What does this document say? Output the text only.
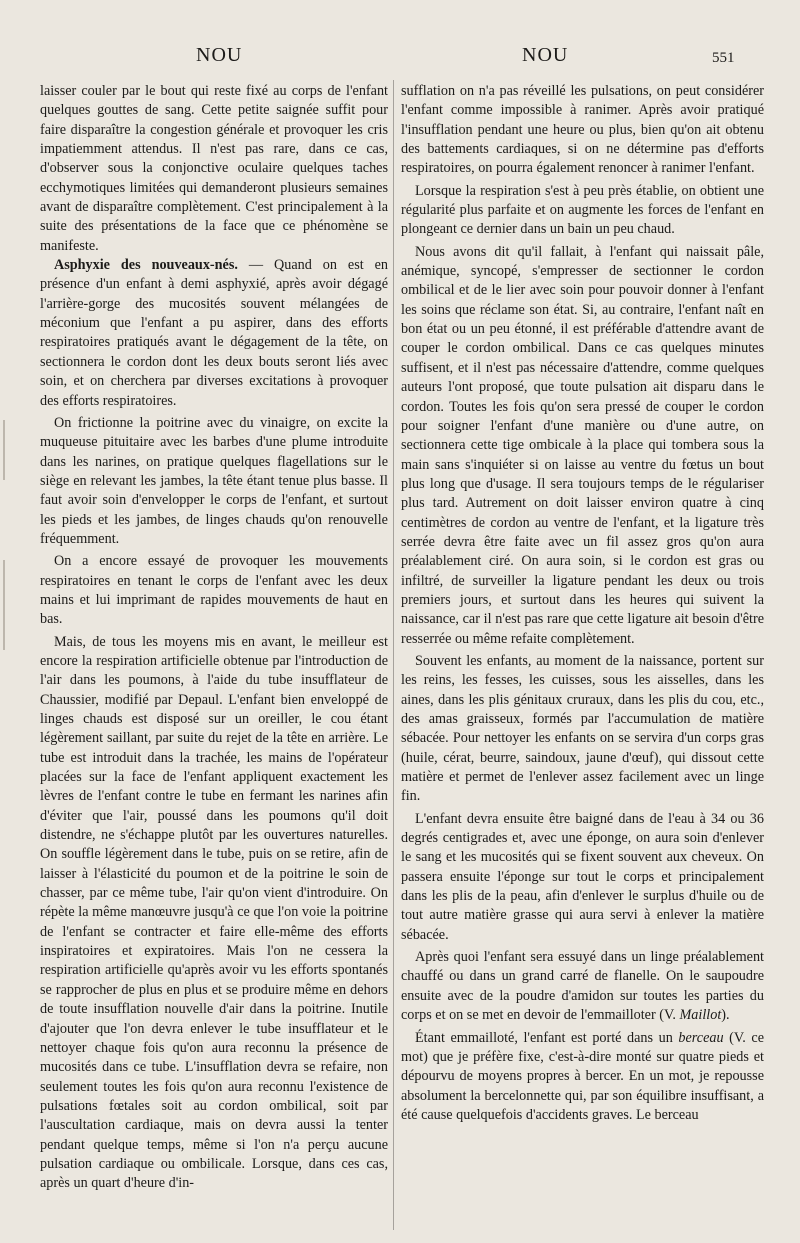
NOU	NOU	551

laisser couler par le bout qui reste fixé au corps de l'enfant quelques gouttes de sang. Cette petite saignée suffit pour faire disparaître la congestion générale et provoquer les cris impatiemment attendus. Il n'est pas rare, dans ce cas, d'observer sous la conjonctive oculaire quelques taches ecchymotiques limitées qui demanderont plusieurs semaines avant de disparaître complètement. C'est principalement à la suite des présentations de la face que ce phénomène se manifeste.

Asphyxie des nouveaux-nés. — Quand on est en présence d'un enfant à demi asphyxié, après avoir dégagé l'arrière-gorge des mucosités souvent mélangées de méconium que l'enfant a pu aspirer, dans des efforts respiratoires pratiqués avant le dégagement de la tête, on sectionnera le cordon dont les deux bouts seront liés avec soin, et on cherchera par diverses excitations à provoquer des efforts respiratoires.

On frictionne la poitrine avec du vinaigre, on excite la muqueuse pituitaire avec les barbes d'une plume introduite dans les narines, on pratique quelques flagellations sur le siège en relevant les jambes, la tête étant tenue plus basse. Il faut avoir soin d'envelopper le corps de l'enfant, et surtout les pieds et les jambes, de linges chauds qu'on renouvelle fréquemment.

On a encore essayé de provoquer les mouvements respiratoires en tenant le corps de l'enfant avec les deux mains et lui imprimant de rapides mouvements de haut en bas.

Mais, de tous les moyens mis en avant, le meilleur est encore la respiration artificielle obtenue par l'introduction de l'air dans les poumons, à l'aide du tube insufflateur de Chaussier, modifié par Depaul. L'enfant bien enveloppé de linges chauds est disposé sur un oreiller, le cou étant légèrement saillant, par suite du rejet de la tête en arrière. Le tube est introduit dans la trachée, les mains de l'opérateur placées sur la face de l'enfant appliquent exactement les lèvres de l'enfant contre le tube en fermant les narines afin d'éviter que l'air, poussé dans les poumons qu'il doit distendre, ne s'échappe plutôt par les ouvertures naturelles. On souffle légèrement dans le tube, puis on se retire, afin de laisser à l'élasticité du poumon et de la poitrine le soin de chasser, par ce même tube, l'air qu'on vient d'introduire. On répète la même manœuvre jusqu'à ce que l'on voie la poitrine de l'enfant se contracter et faire elle-même des efforts inspiratoires et expiratoires. Mais l'on ne cessera la respiration artificielle qu'après avoir vu les efforts spontanés se rapprocher de plus en plus et se produire même en dehors de toute insufflation nouvelle d'air dans la poitrine. Inutile d'ajouter que l'on devra enlever le tube insufflateur et le nettoyer chaque fois qu'on aura reconnu la présence de mucosités dans ce tube. L'insufflation devra se refaire, non seulement toutes les fois qu'on aura reconnu l'existence de pulsations fœtales soit au cordon ombilical, soit par l'auscultation cardiaque, mais on devra aussi la tenter pendant quelque temps, même si l'on n'a perçu aucune pulsation cardiaque ou ombilicale. Lorsque, dans ces cas, après un quart d'heure d'in-

sufflation on n'a pas réveillé les pulsations, on peut considérer l'enfant comme impossible à ranimer. Après avoir pratiqué l'insufflation pendant une heure ou plus, bien qu'on ait obtenu des battements cardiaques, si on ne détermine pas d'efforts respiratoires, on pourra également renoncer à ranimer l'enfant.

Lorsque la respiration s'est à peu près établie, on obtient une régularité plus parfaite et on augmente les forces de l'enfant en plongeant ce dernier dans un bain un peu chaud.

Nous avons dit qu'il fallait, à l'enfant qui naissait pâle, anémique, syncopé, s'empresser de sectionner le cordon ombilical et de le lier avec soin pour pouvoir donner à l'enfant les soins que réclame son état. Si, au contraire, l'enfant naît en bon état ou un peu étonné, il est préférable d'attendre avant de couper le cordon ombilical. Dans ce cas quelques minutes suffisent, et il n'est pas nécessaire d'attendre, comme quelques auteurs l'ont proposé, que toute pulsation ait disparu dans le cordon. Toutes les fois qu'on sera pressé de couper le cordon pour soigner l'enfant d'une manière ou d'une autre, on sectionnera cette tige ombicale à la place qui tombera sous la main sans s'inquiéter si on laisse au ventre du fœtus un bout plus long que d'usage. Il sera toujours temps de le régulariser plus tard. Autrement on doit laisser environ quatre à cinq centimètres de cordon au ventre de l'enfant, et la ligature très serrée devra être faite avec un fil assez gros qu'on aura préalablement ciré. On aura soin, si le cordon est gras ou infiltré, de surveiller la ligature pendant les deux ou trois premiers jours, et surtout dans les heures qui suivent la naissance, car il n'est pas rare que cette ligature ait besoin d'être resserrée ou même refaite complètement.

Souvent les enfants, au moment de la naissance, portent sur les reins, les fesses, les cuisses, sous les aisselles, dans les aines, dans les plis génitaux cruraux, dans les plis du cou, etc., des amas graisseux, formés par l'accumulation de matière sébacée. Pour nettoyer les enfants on se servira d'un corps gras (huile, cérat, beurre, saindoux, jaune d'œuf), qui dissout cette matière et permet de l'enlever assez facilement avec un linge fin.

L'enfant devra ensuite être baigné dans de l'eau à 34 ou 36 degrés centigrades et, avec une éponge, on aura soin d'enlever le sang et les mucosités qui se fixent souvent aux cheveux. On passera ensuite l'éponge sur tout le corps et principalement dans les plis de la peau, afin d'enlever le surplus d'huile ou de tout autre matière grasse qui aura servi à enlever la matière sébacée.

Après quoi l'enfant sera essuyé dans un linge préalablement chauffé ou dans un grand carré de flanelle. On le saupoudre ensuite avec de la poudre d'amidon sur toutes les parties du corps et on se met en devoir de l'emmailloter (V. Maillot).

Étant emmailloté, l'enfant est porté dans un berceau (V. ce mot) que je préfère fixe, c'est-à-dire monté sur quatre pieds et dépourvu de moyens propres à bercer. En un mot, je repousse absolument la bercelonnette qui, par son équilibre insuffisant, a été cause quelquefois d'accidents graves. Le berceau
